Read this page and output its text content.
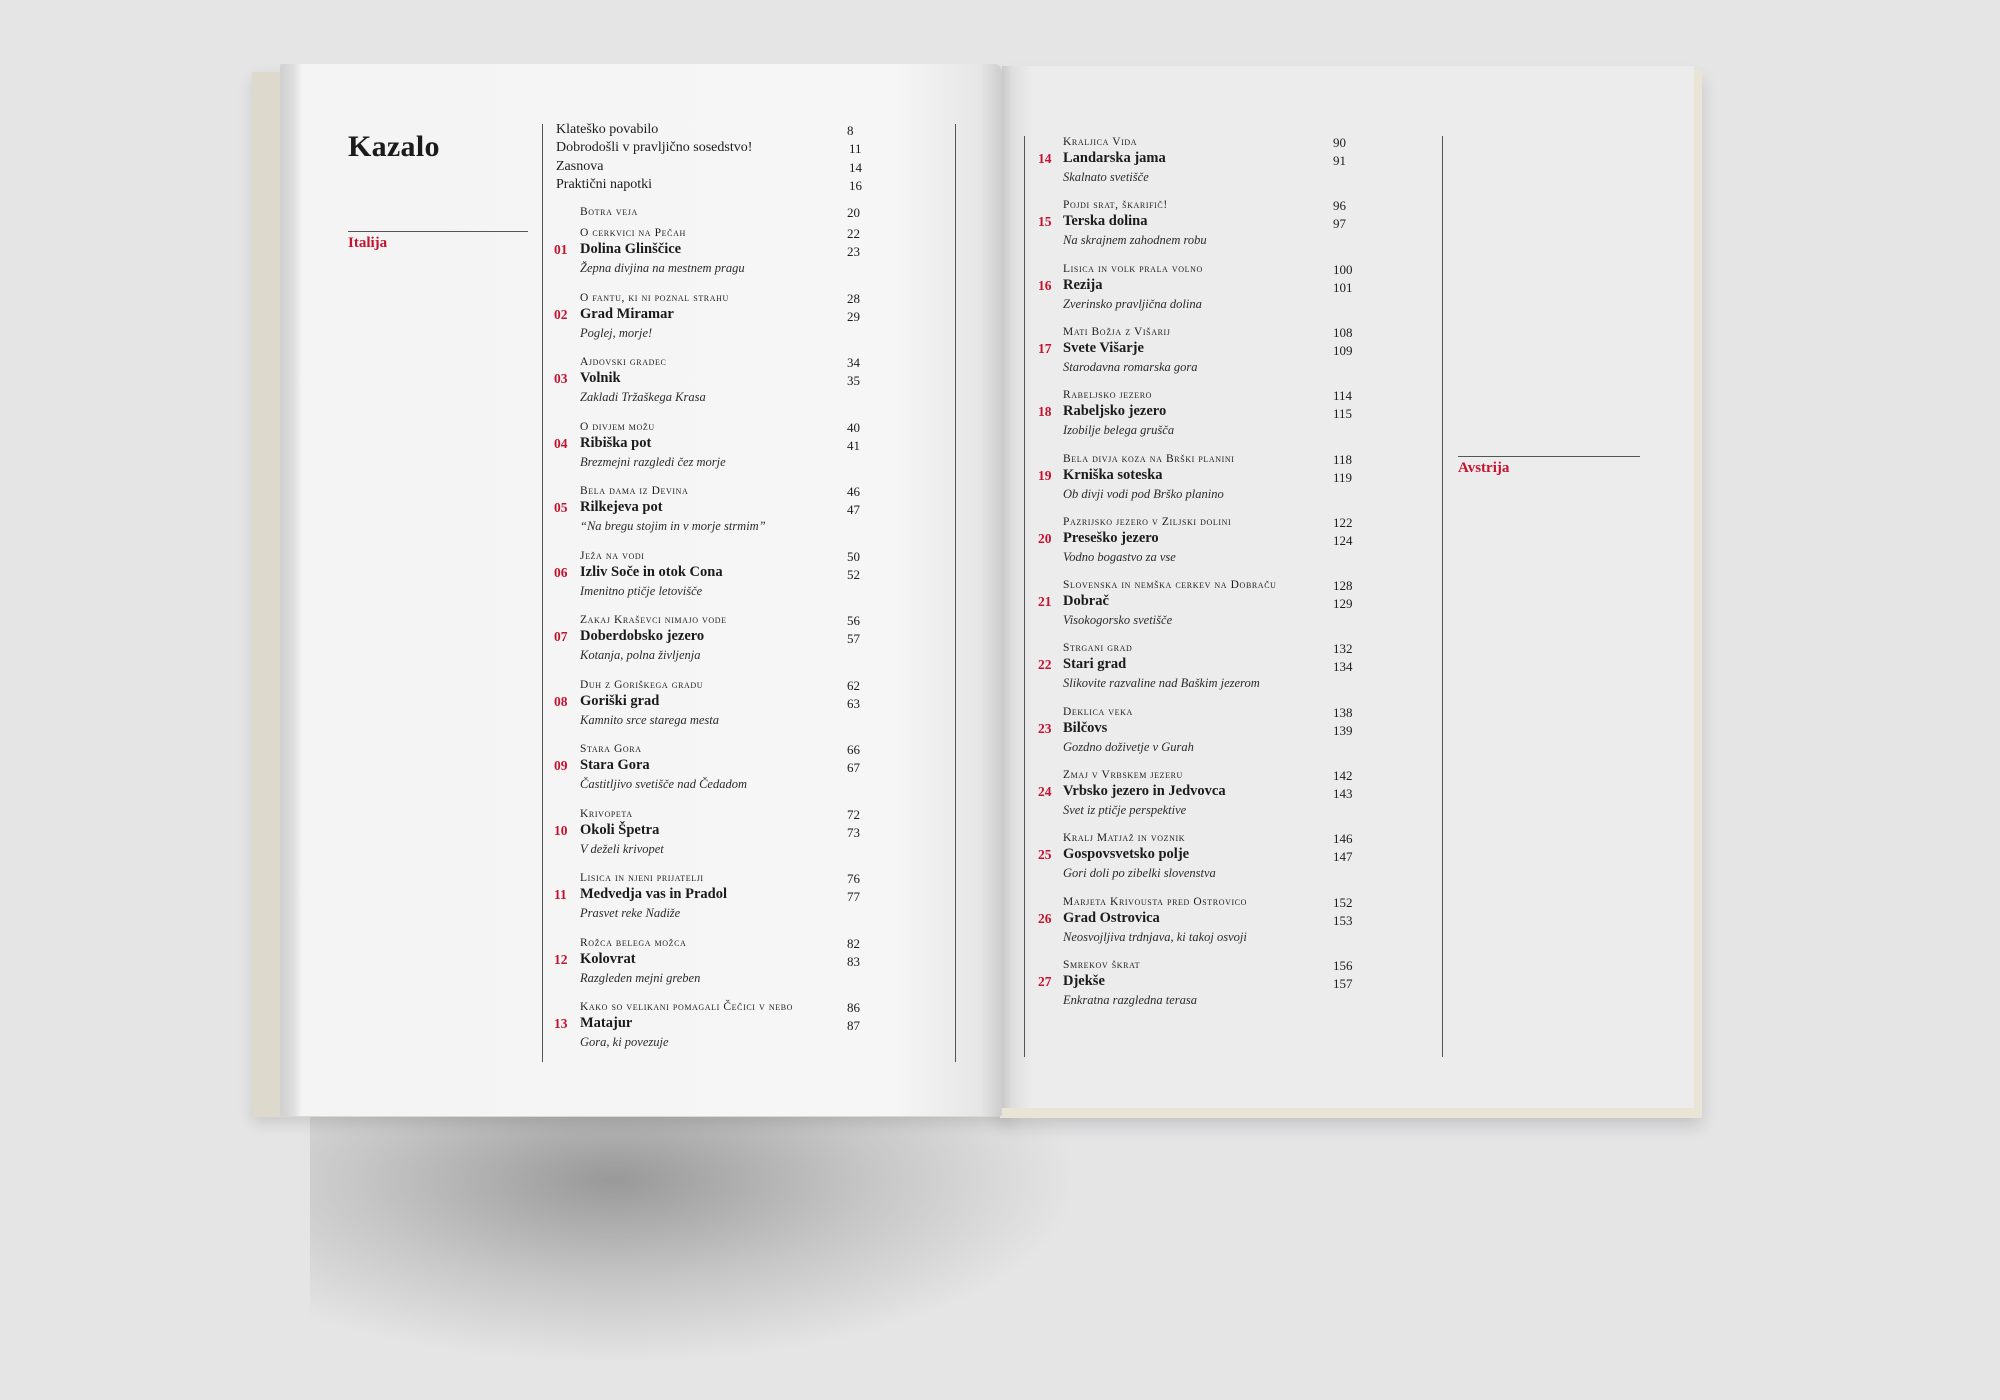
Kazalo
Italija
Avstrija
Klateško povabilo	8
Dobrodošli v pravljično sosedstvo!	11
Zasnova	14
Praktični napotki	16
Botra veja	20
O cerkvici na Pečah	22
01 Dolina Glinščice	23
Žepna divjina na mestnem pragu
O fantu, ki ni poznal strahu	28
02 Grad Miramar	29
Poglej, morje!
Ajdovski gradec	34
03 Volnik	35
Zakladi Tržaškega Krasa
O divjem možu	40
04 Ribiška pot	41
Brezmejni razgledi čez morje
Bela dama iz Devina	46
05 Rilkejeva pot	47
“Na bregu stojim in v morje strmim”
Ježa na vodi	50
06 Izliv Soče in otok Cona	52
Imenitno ptičje letovišče
Zakaj Kraševci nimajo vode	56
07 Doberdobsko jezero	57
Kotanja, polna življenja
Duh z Goriškega gradu	62
08 Goriški grad	63
Kamnito srce starega mesta
Stara Gora	66
09 Stara Gora	67
Častitljivo svetišče nad Čedadom
Krivopeta	72
10 Okoli Špetra	73
V deželi krivopet
Lisica in njeni prijatelji	76
11 Medvedja vas in Pradol	77
Prasvet reke Nadiže
Rožca belega možca	82
12 Kolovrat	83
Razgleden mejni greben
Kako so velikani pomagali Čečici v nebo	86
13 Matajur	87
Gora, ki povezuje
Kraljica Vida	90
14 Landarska jama	91
Skalnato svetišče
Pojdi srat, škarifič!	96
15 Terska dolina	97
Na skrajnem zahodnem robu
Lisica in volk prala volno	100
16 Rezija	101
Zverinsko pravljična dolina
Mati Božja z Višarij	108
17 Svete Višarje	109
Starodavna romarska gora
Rabeljsko jezero	114
18 Rabeljsko jezero	115
Izobilje belega grušča
Bela divja koza na Brški planini	118
19 Krniška soteska	119
Ob divji vodi pod Brško planino
Pazrijsko jezero v Ziljski dolini	122
20 Preseško jezero	124
Vodno bogastvo za vse
Slovenska in nemška cerkev na Dobraču	128
21 Dobrač	129
Visokogorsko svetišče
Strgani grad	132
22 Stari grad	134
Slikovite razvaline nad Baškim jezerom
Deklica veka	138
23 Bilčovs	139
Gozdno doživetje v Gurah
Zmaj v Vrbskem jezeru	142
24 Vrbsko jezero in Jedvovca	143
Svet iz ptičje perspektive
Kralj Matjaž in voznik	146
25 Gospovsvetsko polje	147
Gori doli po zibelki slovenstva
Marjeta Krivousta pred Ostrovico	152
26 Grad Ostrovica	153
Neosvojljiva trdnjava, ki takoj osvoji
Smrekov škrat	156
27 Djekše	157
Enkratna razgledna terasa
